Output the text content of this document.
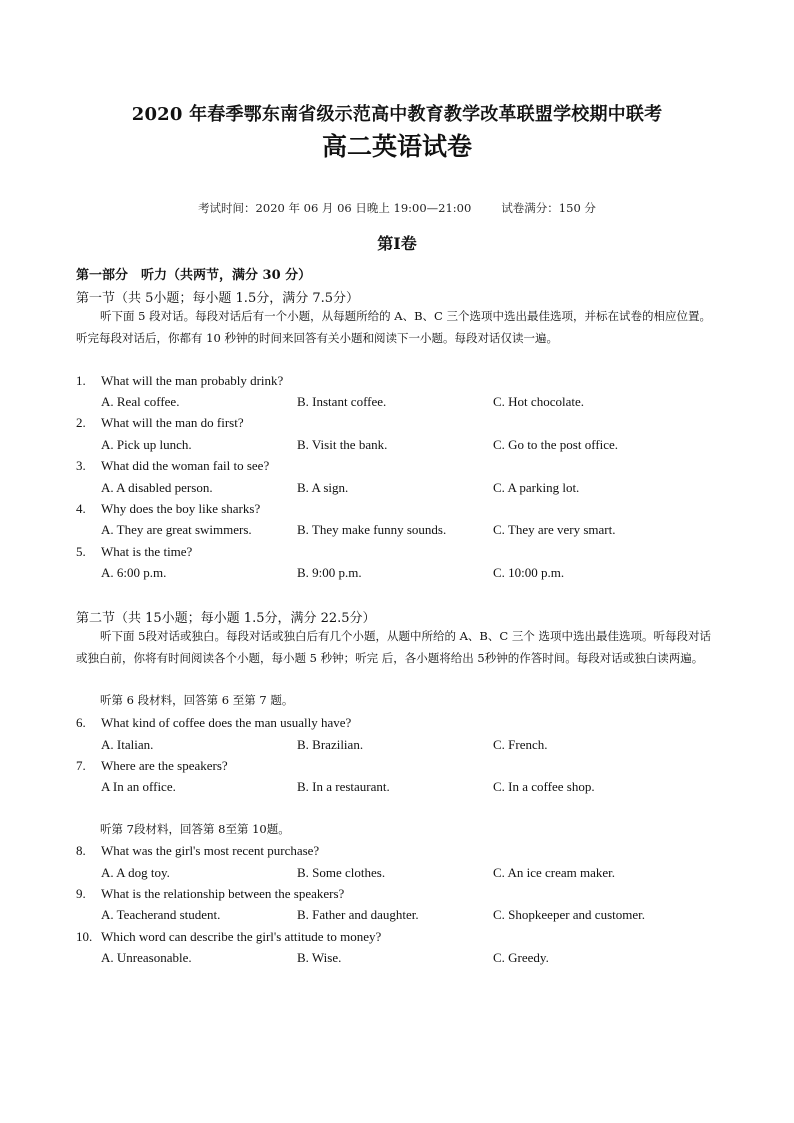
2020 年春季鄂东南省级示范高中教育教学改革联盟学校期中联考
高二英语试卷
考试时间：2020 年 06 月 06 日晚上 19:00—21:00	试卷满分：150 分
第Ⅰ卷
第一部分　听力（共两节，满分 30 分）
第一节（共 5小题；每小题 1.5分，满分 7.5分）
听下面 5 段对话。每段对话后有一个小题，从每题所给的 A、B、C 三个选项中选出最佳选项，并标在试卷的相应位置。听完每段对话后，你都有 10 秒钟的时间来回答有关小题和阅读下一小题。每段对话仅读一遍。
1. What will the man probably drink?
A. Real coffee.	B. Instant coffee.	C. Hot chocolate.
2. What will the man do first?
A. Pick up lunch.	B. Visit the bank.	C. Go to the post office.
3. What did the woman fail to see?
A. A disabled person.	B. A sign.	C. A parking lot.
4. Why does the boy like sharks?
A. They are great swimmers.	B. They make funny sounds.	C. They are very smart.
5. What is the time?
A. 6:00 p.m.	B. 9:00 p.m.	C. 10:00 p.m.
第二节（共 15小题；每小题 1.5分，满分 22.5分）
听下面 5段对话或独白。每段对话或独白后有几个小题，从题中所给的 A、B、C 三个 选项中选出最佳选项。听每段对话或独白前，你将有时间阅读各个小题，每小题 5 秒钟；听完 后，各小题将给出 5秒钟的作答时间。每段对话或独白读两遍。
听第 6 段材料，回答第 6 至第 7 题。
6. What kind of coffee does the man usually have?
A. Italian.	B. Brazilian.	C. French.
7. Where are the speakers?
A In an office.	B. In a restaurant.	C. In a coffee shop.
听第 7段材料，回答第 8至第 10题。
8. What was the girl's most recent purchase?
A. A dog toy.	B. Some clothes.	C. An ice cream maker.
9. What is the relationship between the speakers?
A. Teacherand student.	B. Father and daughter.	C. Shopkeeper and customer.
10. Which word can describe the girl's attitude to money?
A. Unreasonable.	B. Wise.	C. Greedy.
